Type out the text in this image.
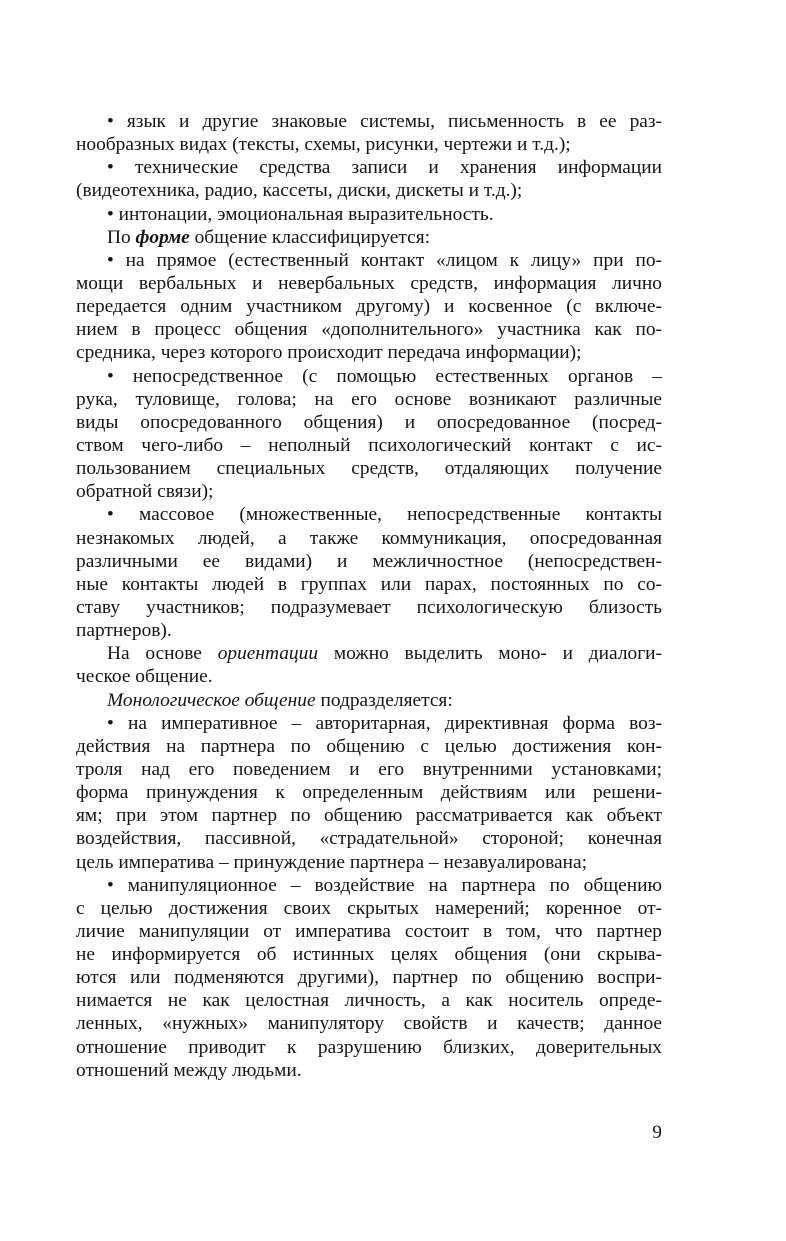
• язык и другие знаковые системы, письменность в ее раз-
нообразных видах (тексты, схемы, рисунки, чертежи и т.д.);
• технические средства записи и хранения информации
(видеотехника, радио, кассеты, диски, дискеты и т.д.);
• интонации, эмоциональная выразительность.
По форме общение классифицируется:
• на прямое (естественный контакт «лицом к лицу» при по-
мощи вербальных и невербальных средств, информация лично
передается одним участником другому) и косвенное (с включе-
нием в процесс общения «дополнительного» участника как по-
средника, через которого происходит передача информации);
• непосредственное (с помощью естественных органов –
рука, туловище, голова; на его основе возникают различные
виды опосредованного общения) и опосредованное (посред-
ством чего-либо – неполный психологический контакт с ис-
пользованием специальных средств, отдаляющих получение
обратной связи);
• массовое (множественные, непосредственные контакты
незнакомых людей, а также коммуникация, опосредованная
различными ее видами) и межличностное (непосредствен-
ные контакты людей в группах или парах, постоянных по со-
ставу участников; подразумевает психологическую близость
партнеров).
На основе ориентации можно выделить моно- и диалоги-
ческое общение.
Монологическое общение подразделяется:
• на императивное – авторитарная, директивная форма воз-
действия на партнера по общению с целью достижения кон-
троля над его поведением и его внутренними установками;
форма принуждения к определенным действиям или решени-
ям; при этом партнер по общению рассматривается как объект
воздействия, пассивной, «страдательной» стороной; конечная
цель императива – принуждение партнера – незавуалирована;
• манипуляционное – воздействие на партнера по общению
с целью достижения своих скрытых намерений; коренное от-
личие манипуляции от императива состоит в том, что партнер
не информируется об истинных целях общения (они скрыва-
ются или подменяются другими), партнер по общению воспри-
нимается не как целостная личность, а как носитель опреде-
ленных, «нужных» манипулятору свойств и качеств; данное
отношение приводит к разрушению близких, доверительных
отношений между людьми.
9
